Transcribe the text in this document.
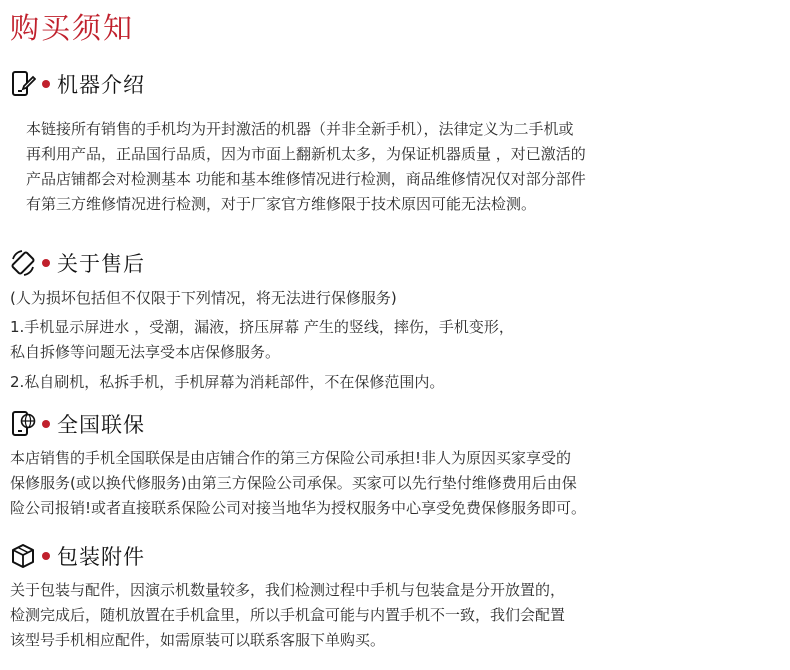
购买须知
机器介绍
本链接所有销售的手机均为开封激活的机器（并非全新手机），法律定义为二手机或
再利用产品，正品国行品质，因为市面上翻新机太多，为保证机器质量 ，对已激活的
产品店铺都会对检测基本 功能和基本维修情况进行检测，商品维修情况仅对部分部件
有第三方维修情况进行检测，对于厂家官方维修限于技术原因可能无法检测。
关于售后
(人为损坏包括但不仅限于下列情况，将无法进行保修服务)
1.手机显示屏进水 ，受潮，漏液，挤压屏幕 产生的竖线，摔伤，手机变形，
私自拆修等问题无法享受本店保修服务。
2.私自刷机，私拆手机，手机屏幕为消耗部件，不在保修范围内。
全国联保
本店销售的手机全国联保是由店铺合作的第三方保险公司承担!非人为原因买家享受的
保修服务(或以换代修服务)由第三方保险公司承保。买家可以先行垫付维修费用后由保
险公司报销!或者直接联系保险公司对接当地华为授权服务中心享受免费保修服务即可。
包装附件
关于包装与配件，因演示机数量较多，我们检测过程中手机与包装盒是分开放置的，
检测完成后，随机放置在手机盒里，所以手机盒可能与内置手机不一致，我们会配置
该型号手机相应配件，如需原装可以联系客服下单购买。
